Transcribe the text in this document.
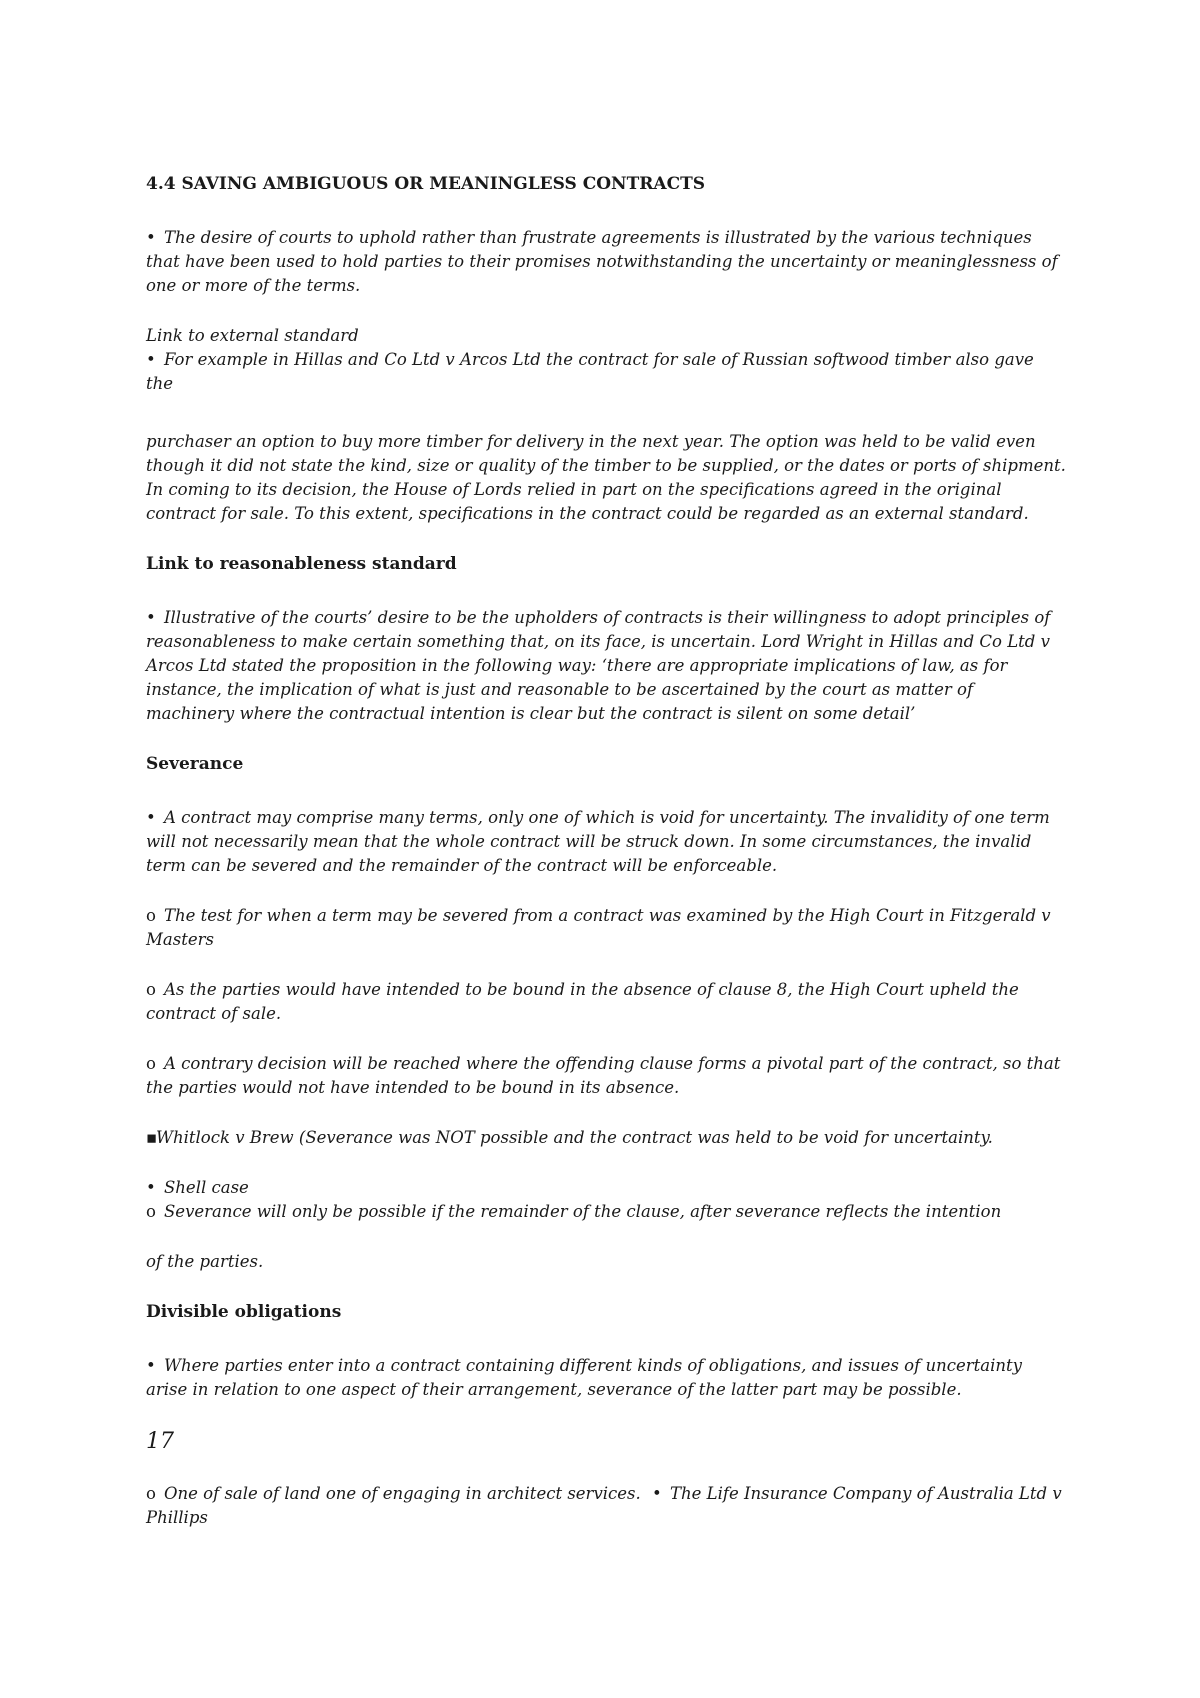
4.4 SAVING AMBIGUOUS OR MEANINGLESS CONTRACTS

• The desire of courts to uphold rather than frustrate agreements is illustrated by the various techniques that have been used to hold parties to their promises notwithstanding the uncertainty or meaninglessness of one or more of the terms.

Link to external standard

• For example in Hillas and Co Ltd v Arcos Ltd the contract for sale of Russian softwood timber also gave the

purchaser an option to buy more timber for delivery in the next year. The option was held to be valid even though it did not state the kind, size or quality of the timber to be supplied, or the dates or ports of shipment. In coming to its decision, the House of Lords relied in part on the specifications agreed in the original contract for sale. To this extent, specifications in the contract could be regarded as an external standard.

Link to reasonableness standard

• Illustrative of the courts’ desire to be the upholders of contracts is their willingness to adopt principles of reasonableness to make certain something that, on its face, is uncertain. Lord Wright in Hillas and Co Ltd v Arcos Ltd stated the proposition in the following way: ‘there are appropriate implications of law, as for instance, the implication of what is just and reasonable to be ascertained by the court as matter of machinery where the contractual intention is clear but the contract is silent on some detail’

Severance

• A contract may comprise many terms, only one of which is void for uncertainty. The invalidity of one term will not necessarily mean that the whole contract will be struck down. In some circumstances, the invalid term can be severed and the remainder of the contract will be enforceable.

o The test for when a term may be severed from a contract was examined by the High Court in Fitzgerald v Masters

o As the parties would have intended to be bound in the absence of clause 8, the High Court upheld the contract of sale.

o A contrary decision will be reached where the offending clause forms a pivotal part of the contract, so that the parties would not have intended to be bound in its absence.

▪Whitlock v Brew (Severance was NOT possible and the contract was held to be void for uncertainty.

• Shell case

o Severance will only be possible if the remainder of the clause, after severance reflects the intention

of the parties.

Divisible obligations

• Where parties enter into a contract containing different kinds of obligations, and issues of uncertainty arise in relation to one aspect of their arrangement, severance of the latter part may be possible.

17

o One of sale of land one of engaging in architect services. • The Life Insurance Company of Australia Ltd v Phillips
